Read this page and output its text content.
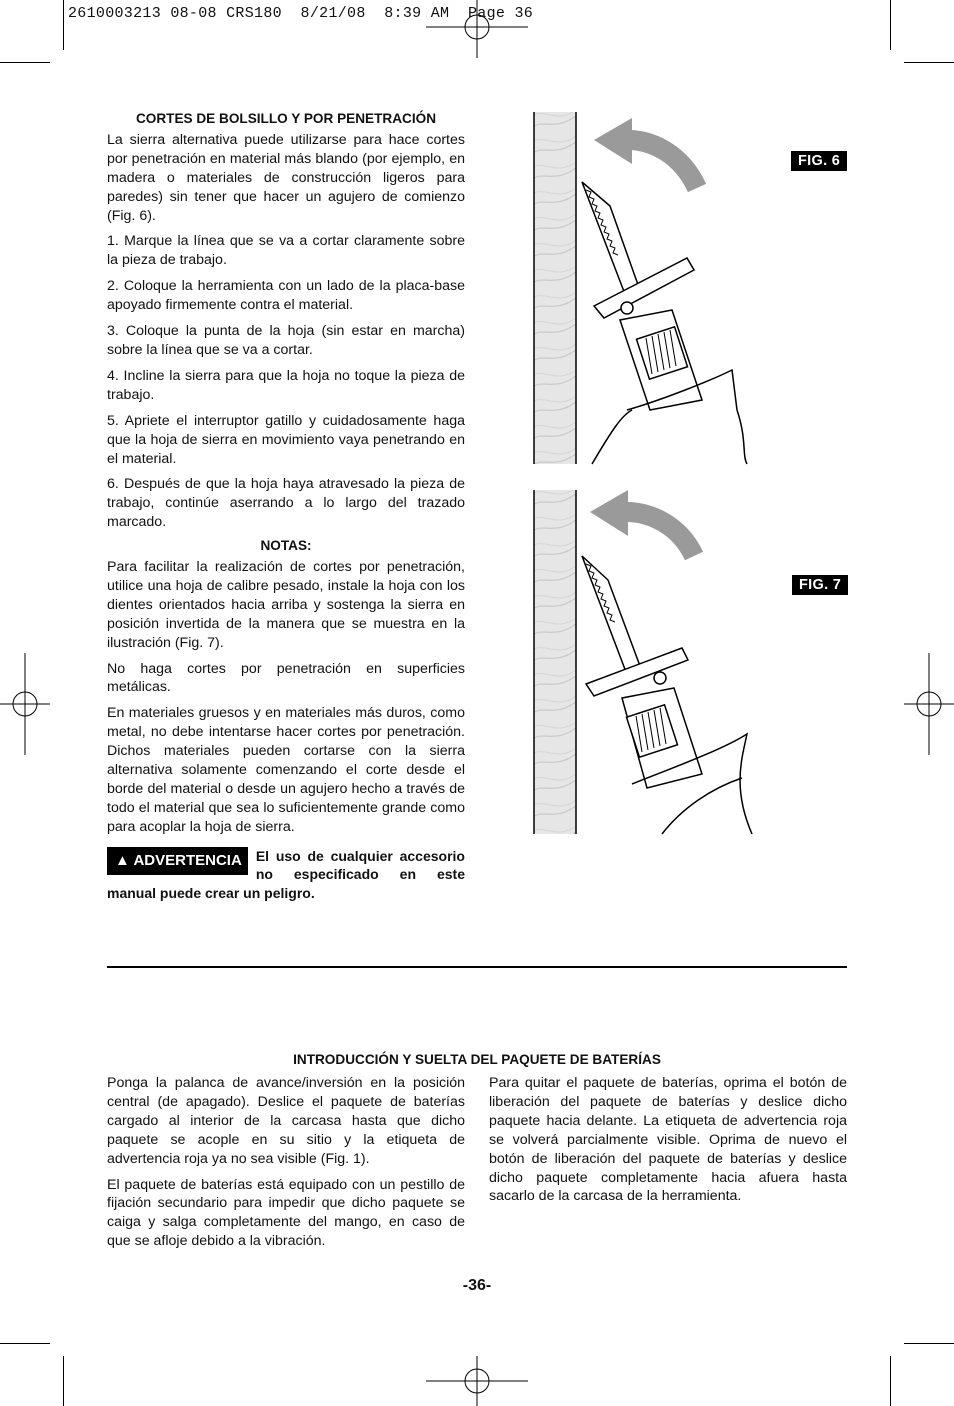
2610003213 08-08 CRS180  8/21/08  8:39 AM  Page 36
CORTES DE BOLSILLO Y POR PENETRACIÓN

La sierra alternativa puede utilizarse para hace cortes por penetración en material más blando (por ejemplo, en madera o materiales de construcción ligeros para paredes) sin tener que hacer un agujero de comienzo (Fig. 6).

1. Marque la línea que se va a cortar claramente sobre la pieza de trabajo.

2. Coloque la herramienta con un lado de la placa-base apoyado firmemente contra el material.

3. Coloque la punta de la hoja (sin estar en marcha) sobre la línea que se va a cortar.

4. Incline la sierra para que la hoja no toque la pieza de trabajo.

5. Apriete el interruptor gatillo y cuidadosamente haga que la hoja de sierra en movimiento vaya penetrando en el material.

6. Después de que la hoja haya atravesado la pieza de trabajo, continúe aserrando a lo largo del trazado marcado.

NOTAS:

Para facilitar la realización de cortes por penetración, utilice una hoja de calibre pesado, instale la hoja con los dientes orientados hacia arriba y sostenga la sierra en posición invertida de la manera que se muestra en la ilustración (Fig. 7).

No haga cortes por penetración en superficies metálicas.

En materiales gruesos y en materiales más duros, como metal, no debe intentarse hacer cortes por penetración. Dichos materiales pueden cortarse con la sierra alternativa solamente comenzando el corte desde el borde del material o desde un agujero hecho a través de todo el material que sea lo suficientemente grande como para acoplar la hoja de sierra.

▲ ADVERTENCIA	El uso de cualquier accesorio no especificado en este manual puede crear un peligro.
FIG. 6
FIG. 7
INTRODUCCIÓN Y SUELTA DEL PAQUETE DE BATERÍAS

Ponga la palanca de avance/inversión en la posición central (de apagado). Deslice el paquete de baterías cargado al interior de la carcasa hasta que dicho paquete se acople en su sitio y la etiqueta de advertencia roja ya no sea visible (Fig. 1).

El paquete de baterías está equipado con un pestillo de fijación secundario para impedir que dicho paquete se caiga y salga completamente del mango, en caso de que se afloje debido a la vibración.

Para quitar el paquete de baterías, oprima el botón de liberación del paquete de baterías y deslice dicho paquete hacia delante. La etiqueta de advertencia roja se volverá parcialmente visible. Oprima de nuevo el botón de liberación del paquete de baterías y deslice dicho paquete completamente hacia afuera hasta sacarlo de la carcasa de la herramienta.

-36-
